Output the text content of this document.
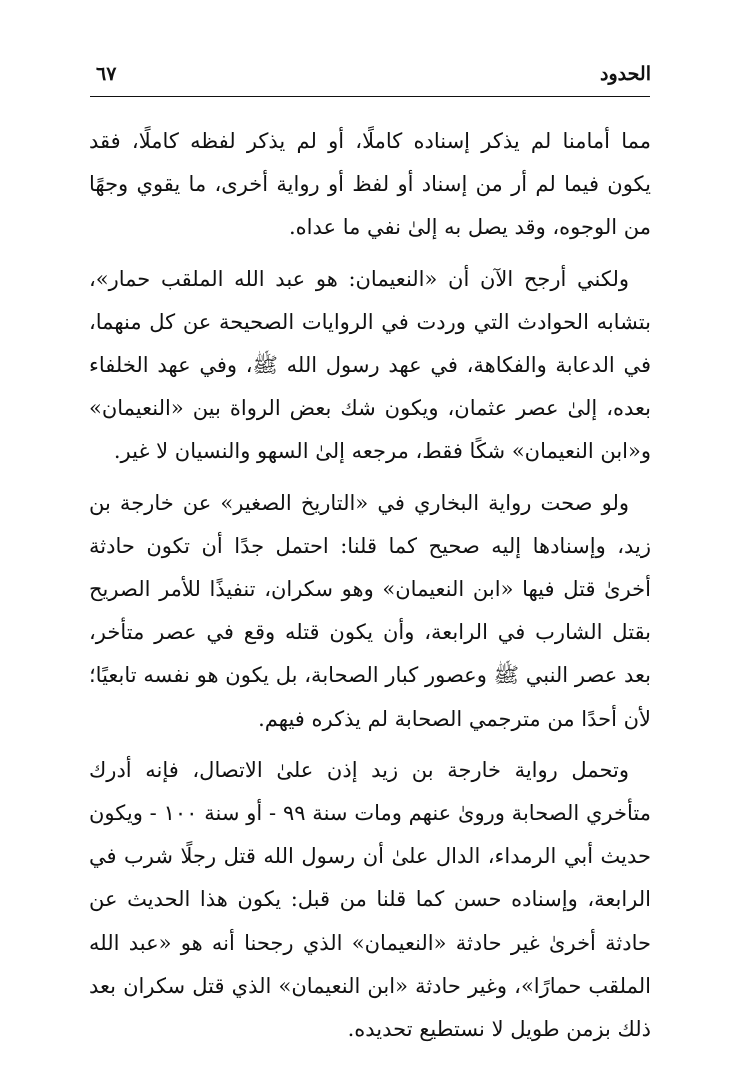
الحدود
٦٧

مما أمامنا لم يذكر إسناده كاملًا، أو لم يذكر لفظه كاملًا، فقد يكون فيما لم أر من إسناد أو لفظ أو رواية أخرى، ما يقوي وجهًا من الوجوه، وقد يصل به إلىٰ نفي ما عداه.

ولكني أرجح الآن أن «النعيمان: هو عبد الله الملقب حمار»، بتشابه الحوادث التي وردت في الروايات الصحيحة عن كل منهما، في الدعابة والفكاهة، في عهد رسول الله ﷺ، وفي عهد الخلفاء بعده، إلىٰ عصر عثمان، ويكون شك بعض الرواة بين «النعيمان» و«ابن النعيمان» شكًا فقط، مرجعه إلىٰ السهو والنسيان لا غير.

ولو صحت رواية البخاري في «التاريخ الصغير» عن خارجة بن زيد، وإسنادها إليه صحيح كما قلنا: احتمل جدًا أن تكون حادثة أخرىٰ قتل فيها «ابن النعيمان» وهو سكران، تنفيذًا للأمر الصريح بقتل الشارب في الرابعة، وأن يكون قتله وقع في عصر متأخر، بعد عصر النبي ﷺ وعصور كبار الصحابة، بل يكون هو نفسه تابعيًا؛ لأن أحدًا من مترجمي الصحابة لم يذكره فيهم.

وتحمل رواية خارجة بن زيد إذن علىٰ الاتصال، فإنه أدرك متأخري الصحابة وروىٰ عنهم ومات سنة ٩٩ - أو سنة ١٠٠ - ويكون حديث أبي الرمداء، الدال علىٰ أن رسول الله قتل رجلًا شرب في الرابعة، وإسناده حسن كما قلنا من قبل: يكون هذا الحديث عن حادثة أخرىٰ غير حادثة «النعيمان» الذي رجحنا أنه هو «عبد الله الملقب حمارًا»، وغير حادثة «ابن النعيمان» الذي قتل سكران بعد ذلك بزمن طويل لا نستطيع تحديده.
